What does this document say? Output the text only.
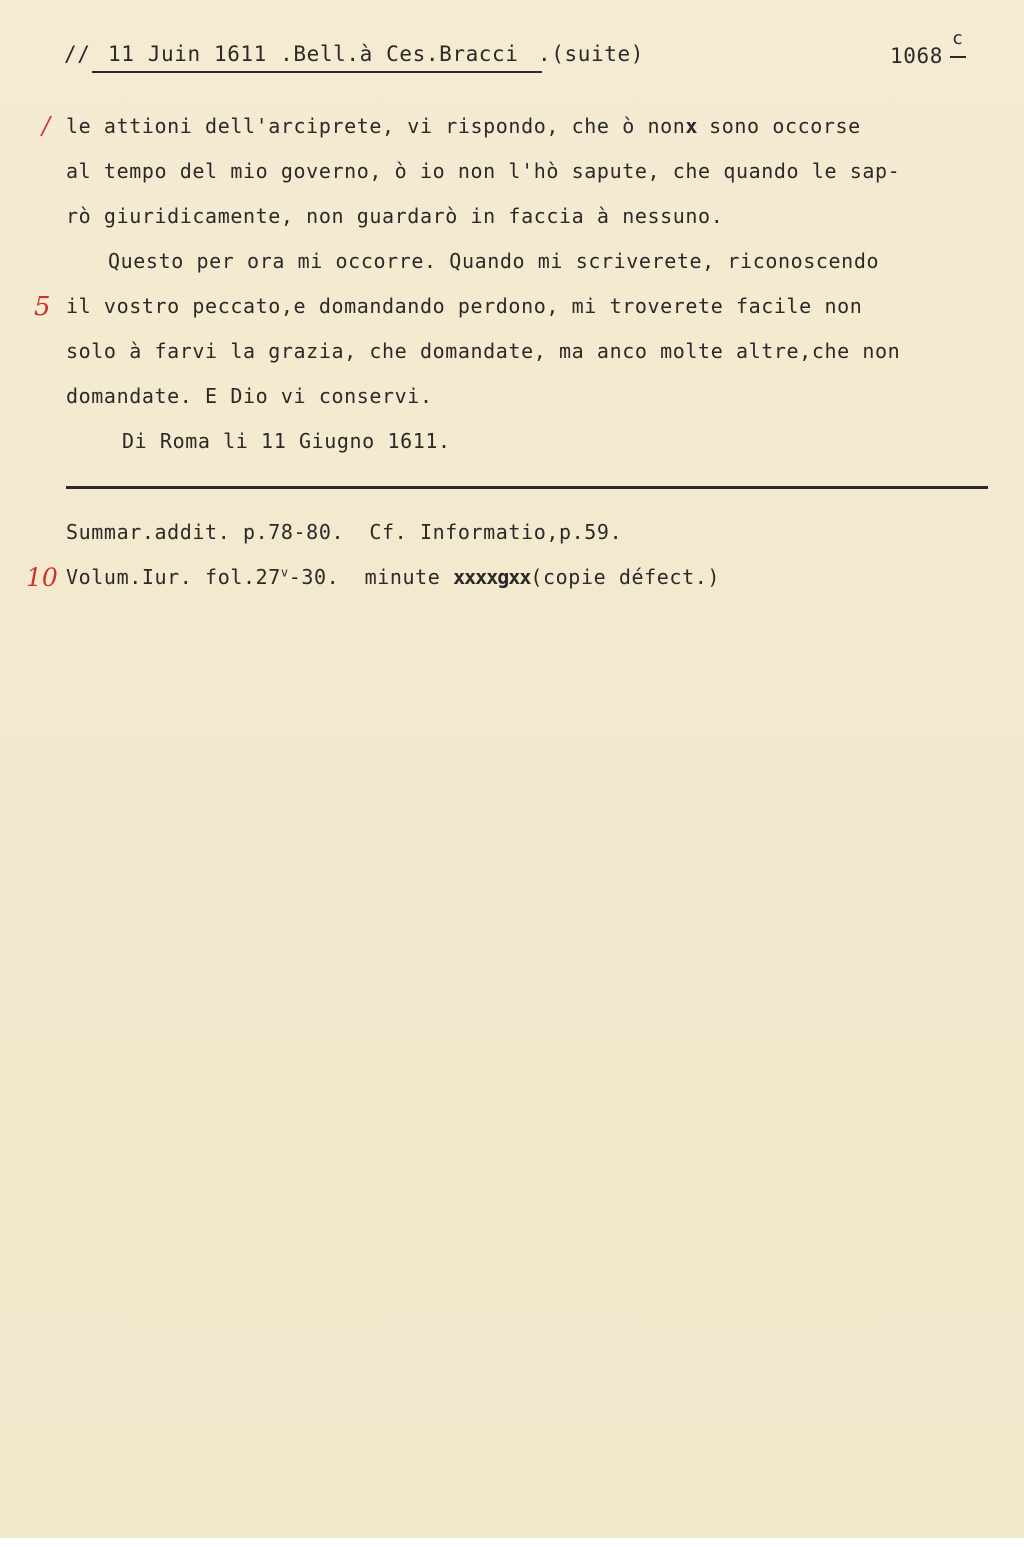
// 11 Juin 1611 .Bell.à Ces.Bracci .(suite)	1068
c
/
5
10
le attioni dell'arciprete, vi rispondo, che ò nonx sono occorse
al tempo del mio governo, ò io non l'hò sapute, che quando le sap-
rò giuridicamente, non guardarò in faccia à nessuno.
Questo per ora mi occorre. Quando mi scriverete, riconoscendo
il vostro peccato,e domandando perdono, mi troverete facile non
solo à farvi la grazia, che domandate, ma anco molte altre,che non
domandate. E Dio vi conservi.
Di Roma li 11 Giugno 1611.
Summar.addit. p.78-80.  Cf. Informatio,p.59.
Volum.Iur. fol.27$^v$-30.  minute xxxxgxx(copie défect.)
